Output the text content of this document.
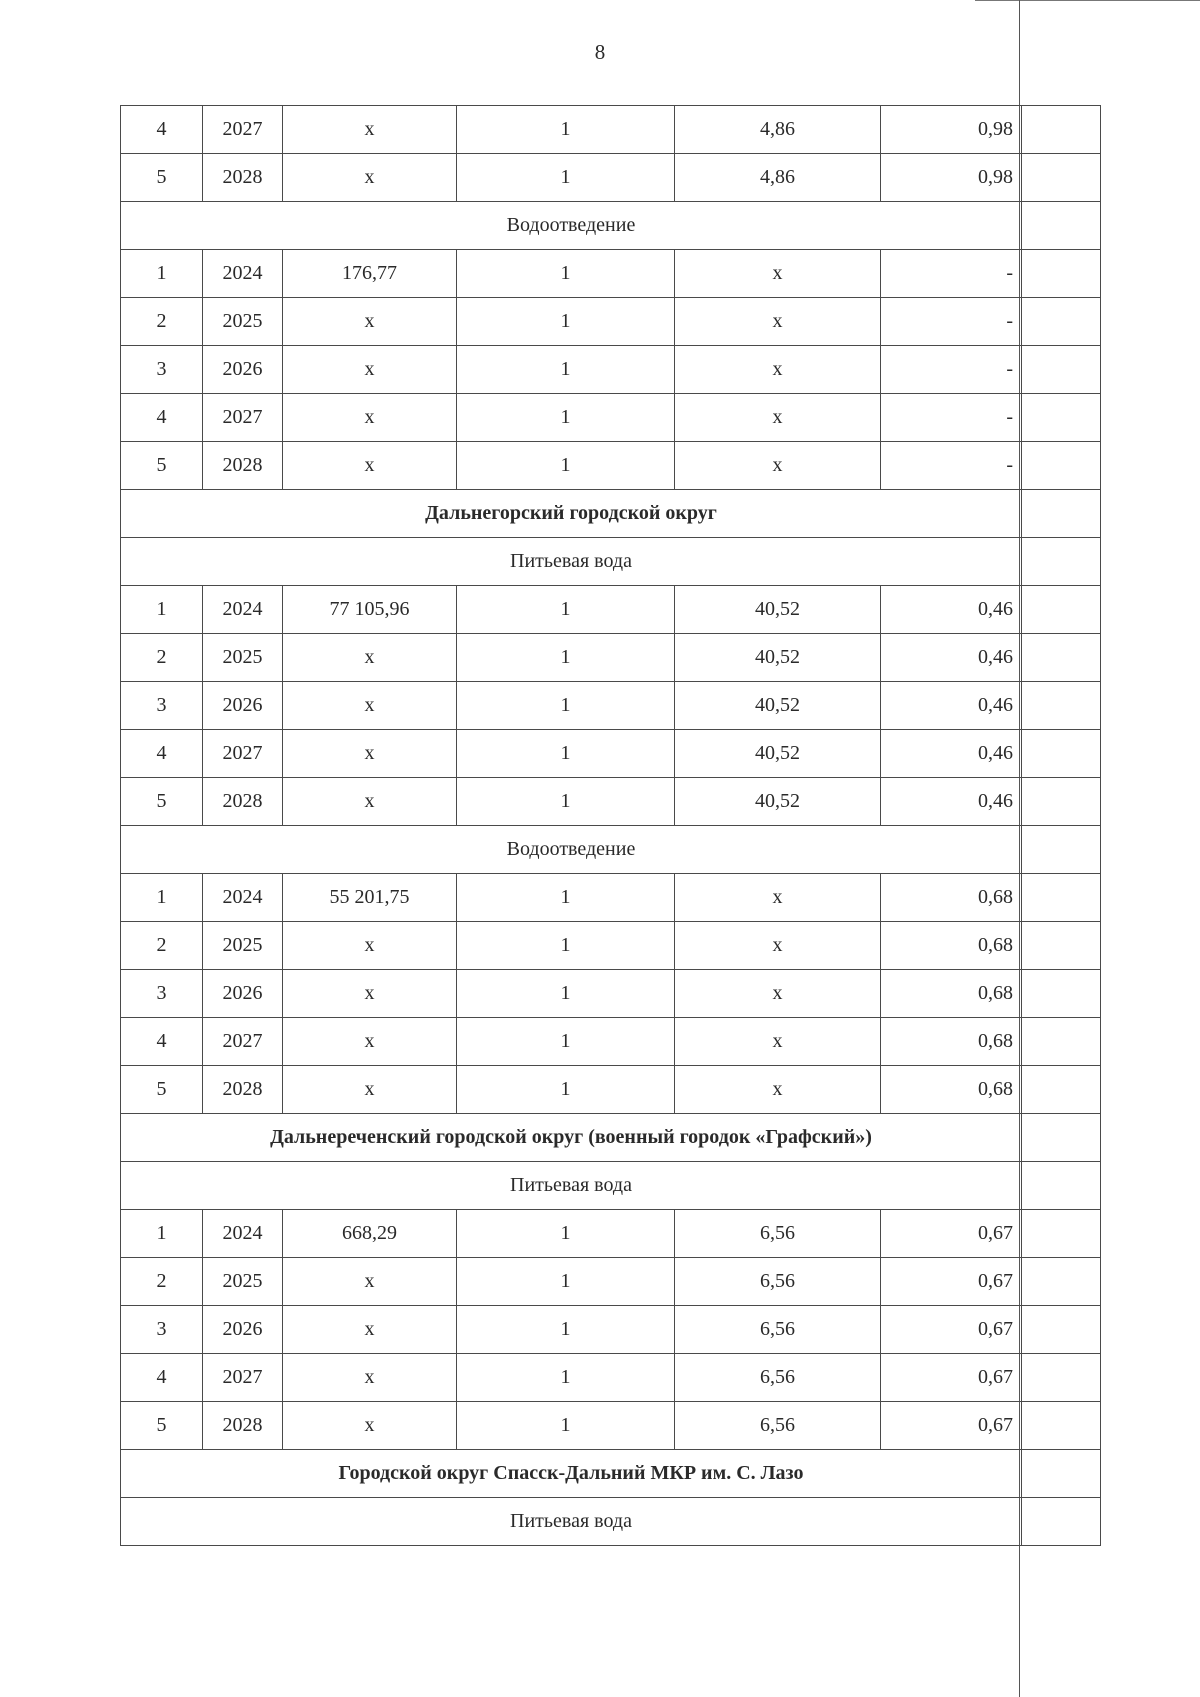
8
4	2027	x	1	4,86	0,98	
5	2028	x	1	4,86	0,98	
Водоотведение						
1	2024	176,77	1	x	-	
2	2025	x	1	x	-	
3	2026	x	1	x	-	
4	2027	x	1	x	-	
5	2028	x	1	x	-	
Дальнегорский городской округ						
Питьевая вода						
1	2024	77 105,96	1	40,52	0,46	
2	2025	x	1	40,52	0,46	
3	2026	x	1	40,52	0,46	
4	2027	x	1	40,52	0,46	
5	2028	x	1	40,52	0,46	
Водоотведение						
1	2024	55 201,75	1	x	0,68	
2	2025	x	1	x	0,68	
3	2026	x	1	x	0,68	
4	2027	x	1	x	0,68	
5	2028	x	1	x	0,68	
Дальнереченский городской округ (военный городок «Графский»)						
Питьевая вода						
1	2024	668,29	1	6,56	0,67	
2	2025	x	1	6,56	0,67	
3	2026	x	1	6,56	0,67	
4	2027	x	1	6,56	0,67	
5	2028	x	1	6,56	0,67	
Городской округ Спасск-Дальний МКР им. С. Лазо						
Питьевая вода						
